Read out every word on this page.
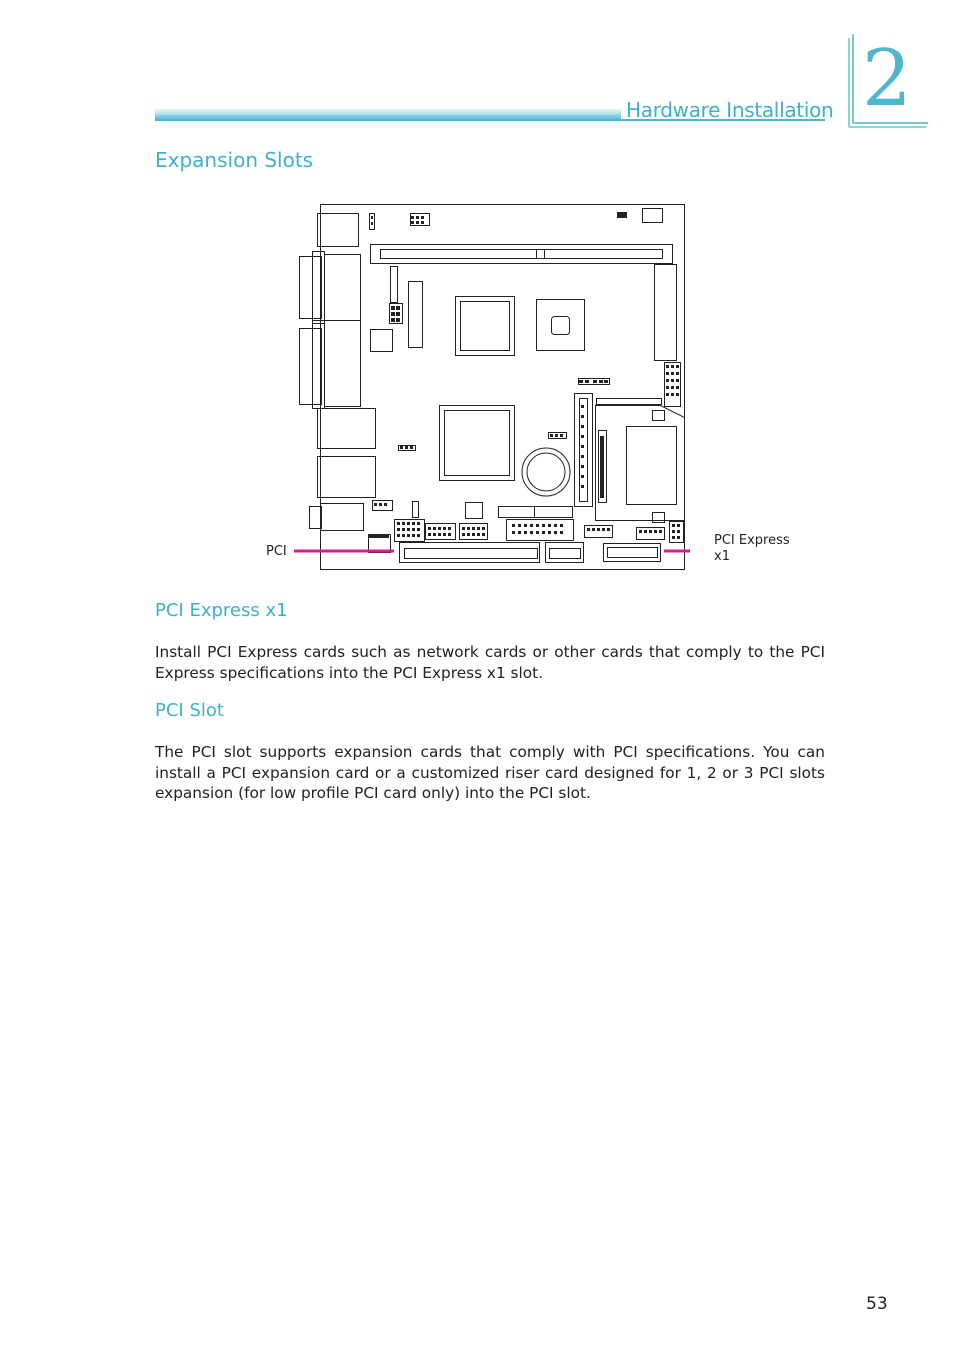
Hardware Installation 2
Expansion Slots
PCI
PCI Express
x1
PCI Express x1
Install PCI Express cards such as network cards or other cards that comply to the PCI Express specifications into the PCI Express x1 slot.
PCI Slot
The PCI slot supports expansion cards that comply with PCI specifications. You can install a PCI expansion card or a customized riser card designed for 1, 2 or 3 PCI slots expansion (for low profile PCI card only) into the PCI slot.
53
